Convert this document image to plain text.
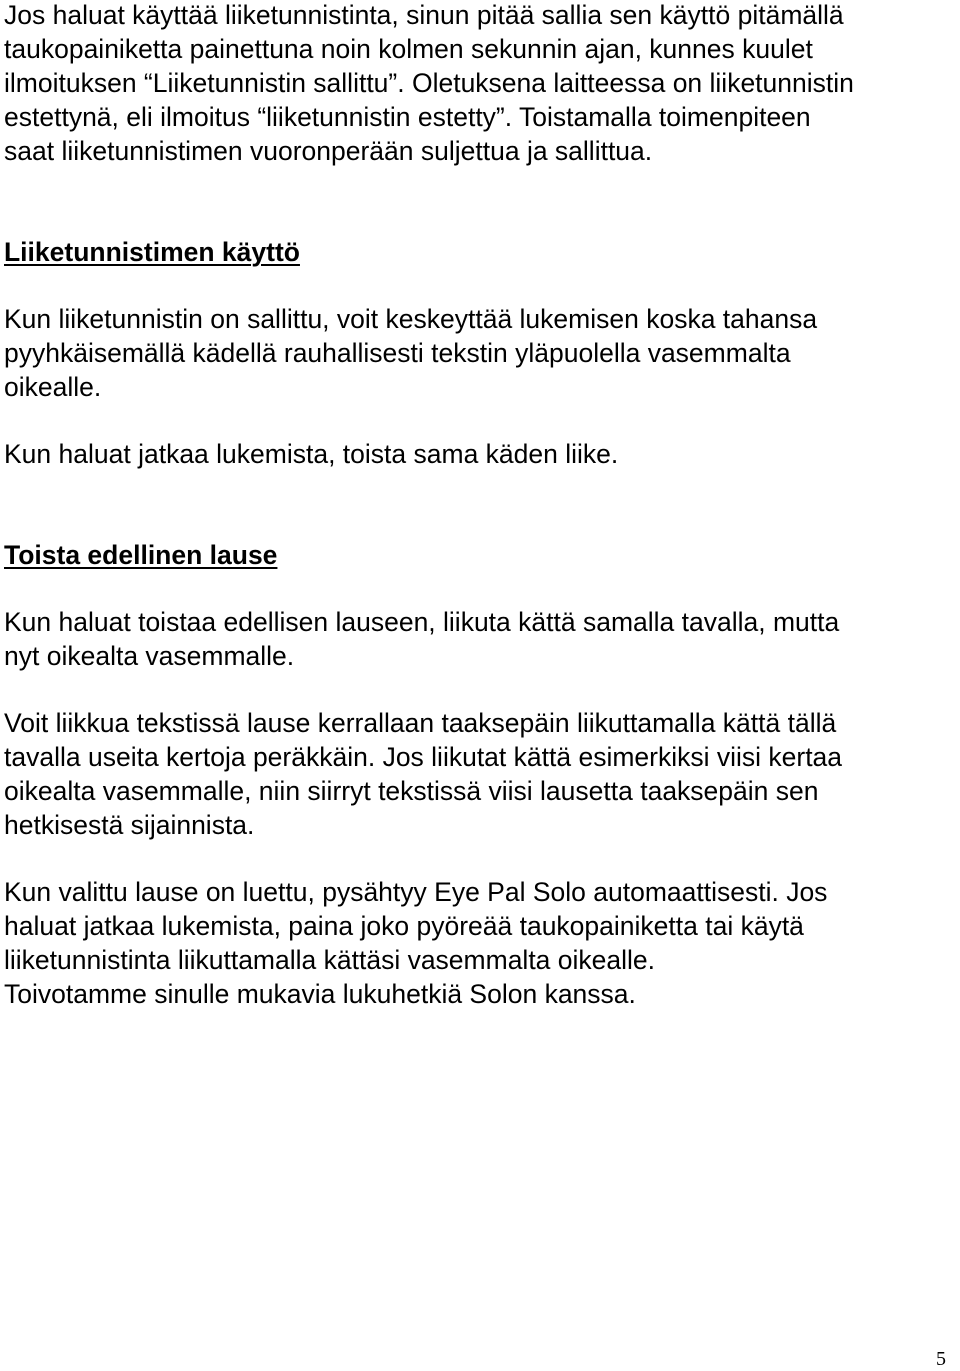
Jos haluat käyttää liiketunnistinta, sinun pitää sallia sen käyttö pitämällä
taukopainiketta painettuna noin kolmen sekunnin ajan, kunnes kuulet
ilmoituksen “Liiketunnistin sallittu”. Oletuksena laitteessa on liiketunnistin
estettynä, eli ilmoitus “liiketunnistin estetty”. Toistamalla toimenpiteen
saat liiketunnistimen vuoronperään suljettua ja sallittua.

Liiketunnistimen käyttö

Kun liiketunnistin on sallittu, voit keskeyttää lukemisen koska tahansa
pyyhkäisemällä kädellä rauhallisesti tekstin yläpuolella vasemmalta
oikealle.

Kun haluat jatkaa lukemista, toista sama käden liike.

Toista edellinen lause

Kun haluat toistaa edellisen lauseen, liikuta kättä samalla tavalla, mutta
nyt oikealta vasemmalle.

Voit liikkua tekstissä lause kerrallaan taaksepäin liikuttamalla kättä tällä
tavalla useita kertoja peräkkäin. Jos liikutat kättä esimerkiksi viisi kertaa
oikealta vasemmalle, niin siirryt tekstissä viisi lausetta taaksepäin sen
hetkisestä sijainnista.

Kun valittu lause on luettu, pysähtyy Eye Pal Solo automaattisesti. Jos
haluat jatkaa lukemista, paina joko pyöreää taukopainiketta tai käytä
liiketunnistinta liikuttamalla kättäsi vasemmalta oikealle.
Toivotamme sinulle mukavia lukuhetkiä Solon kanssa.

5
